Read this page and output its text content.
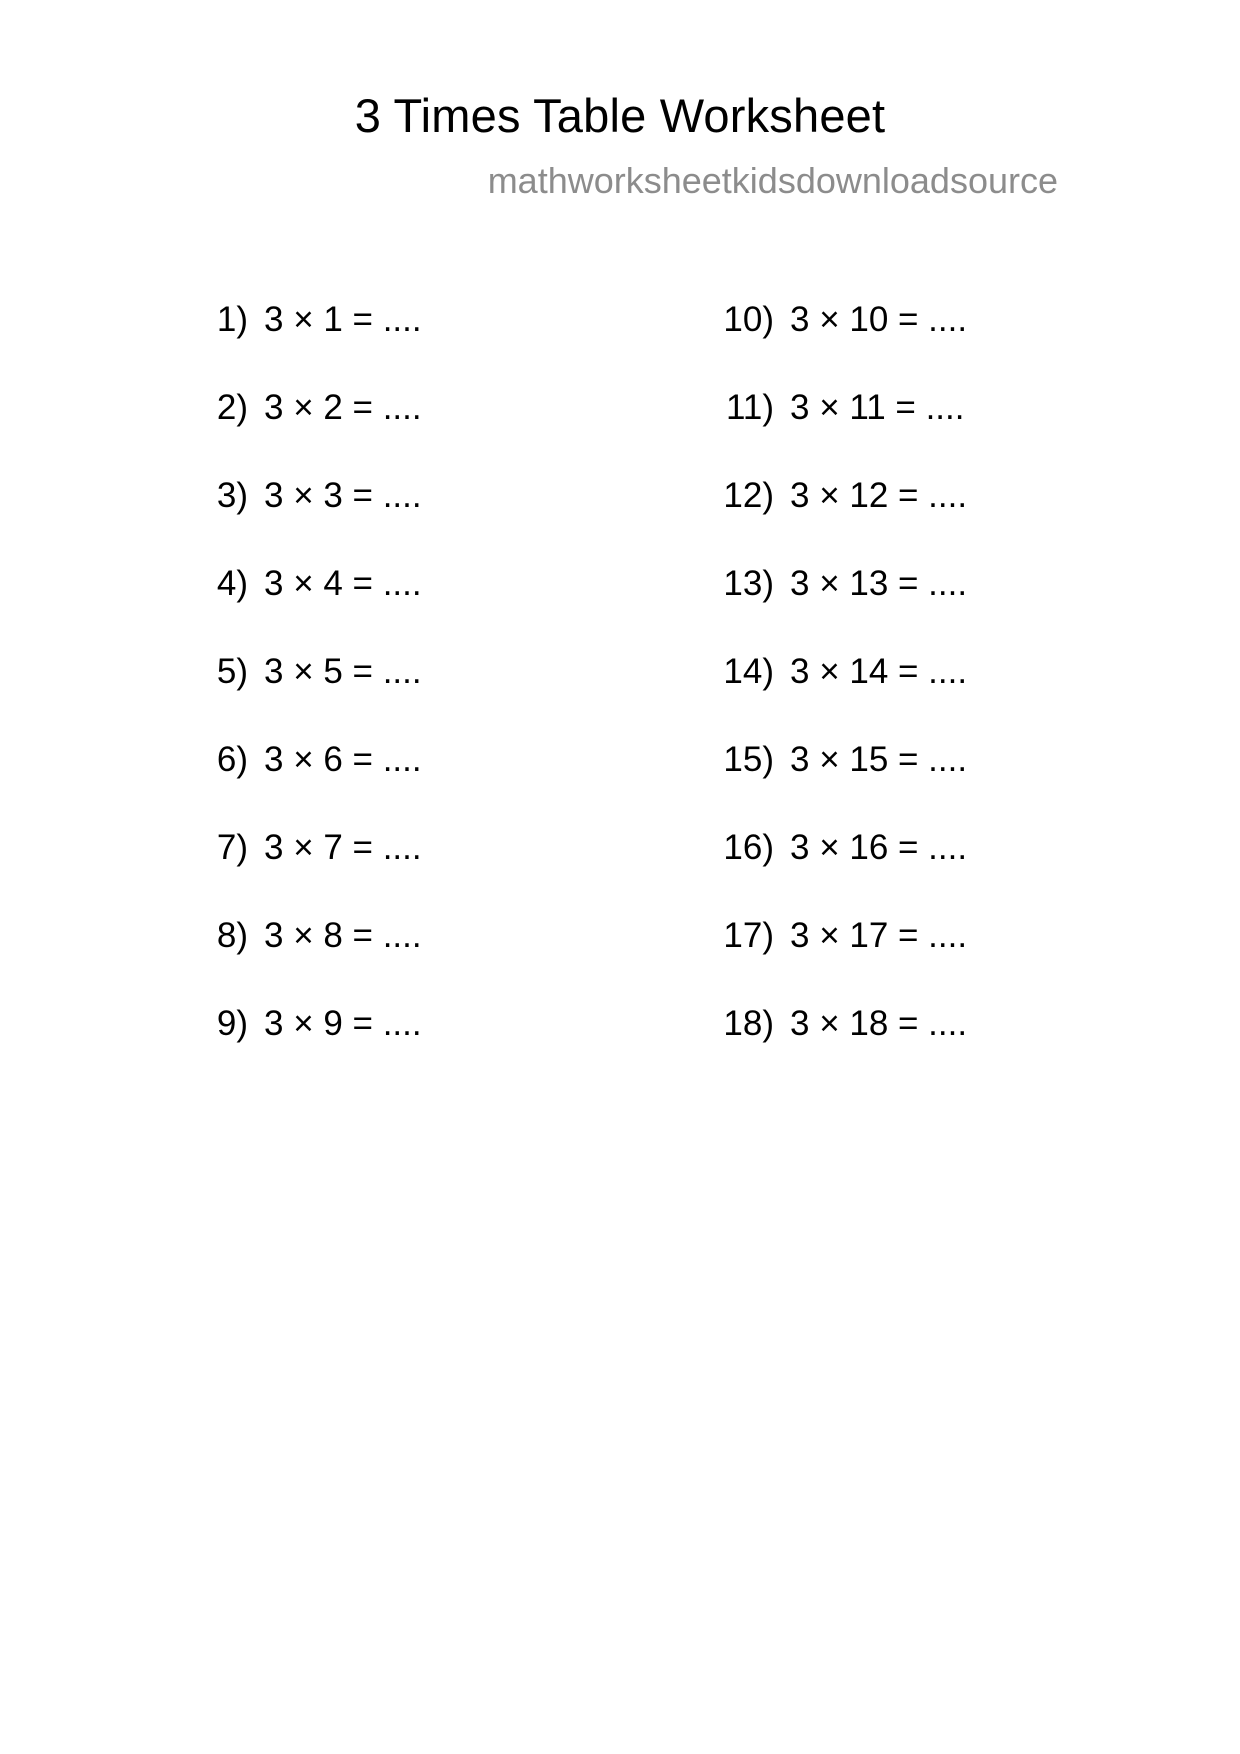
3 Times Table Worksheet
mathworksheetkidsdownloadsource
1) 3 × 1 = ....
2) 3 × 2 = ....
3) 3 × 3 = ....
4) 3 × 4 = ....
5) 3 × 5 = ....
6) 3 × 6 = ....
7) 3 × 7 = ....
8) 3 × 8 = ....
9) 3 × 9 = ....
10) 3 × 10 = ....
11) 3 × 11 = ....
12) 3 × 12 = ....
13) 3 × 13 = ....
14) 3 × 14 = ....
15) 3 × 15 = ....
16) 3 × 16 = ....
17) 3 × 17 = ....
18) 3 × 18 = ....
